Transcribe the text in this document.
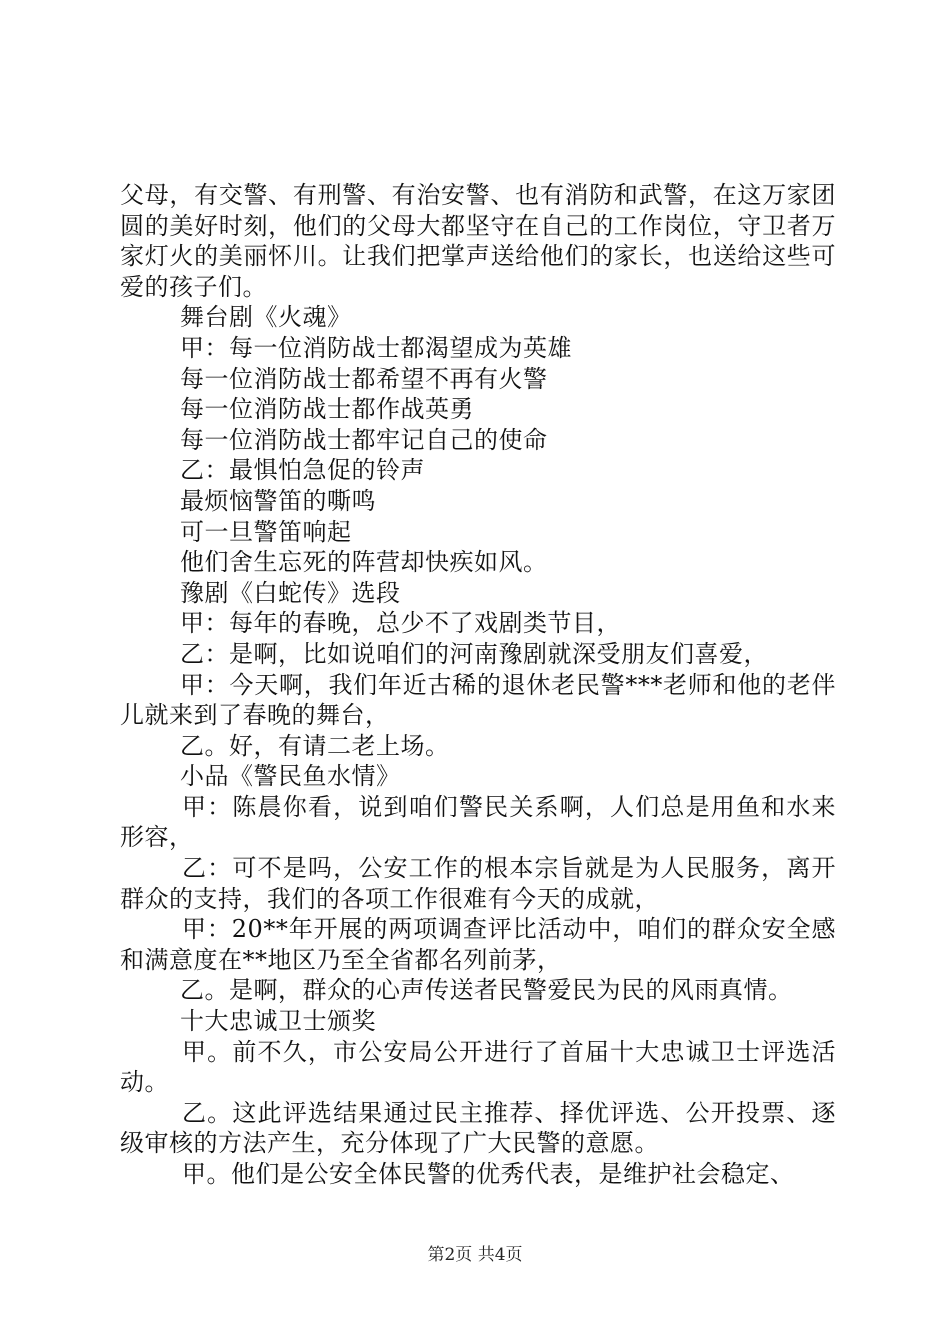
父母，有交警、有刑警、有治安警、也有消防和武警，在这万家团圆的美好时刻，他们的父母大都坚守在自己的工作岗位，守卫者万家灯火的美丽怀川。让我们把掌声送给他们的家长，也送给这些可爱的孩子们。

舞台剧《火魂》

甲：每一位消防战士都渴望成为英雄

每一位消防战士都希望不再有火警

每一位消防战士都作战英勇

每一位消防战士都牢记自己的使命

乙：最惧怕急促的铃声

最烦恼警笛的嘶鸣

可一旦警笛响起

他们舍生忘死的阵营却快疾如风。

豫剧《白蛇传》选段

甲：每年的春晚，总少不了戏剧类节目，

乙：是啊，比如说咱们的河南豫剧就深受朋友们喜爱，

甲：今天啊，我们年近古稀的退休老民警***老师和他的老伴儿就来到了春晚的舞台，

乙。好，有请二老上场。

小品《警民鱼水情》

甲：陈晨你看，说到咱们警民关系啊，人们总是用鱼和水来形容，

乙：可不是吗，公安工作的根本宗旨就是为人民服务，离开群众的支持，我们的各项工作很难有今天的成就，

甲：20**年开展的两项调查评比活动中，咱们的群众安全感和满意度在**地区乃至全省都名列前茅，

乙。是啊，群众的心声传送者民警爱民为民的风雨真情。

十大忠诚卫士颁奖

甲。前不久，市公安局公开进行了首届十大忠诚卫士评选活动。

乙。这此评选结果通过民主推荐、择优评选、公开投票、逐级审核的方法产生，充分体现了广大民警的意愿。

甲。他们是公安全体民警的优秀代表，是维护社会稳定、

第2页 共4页
